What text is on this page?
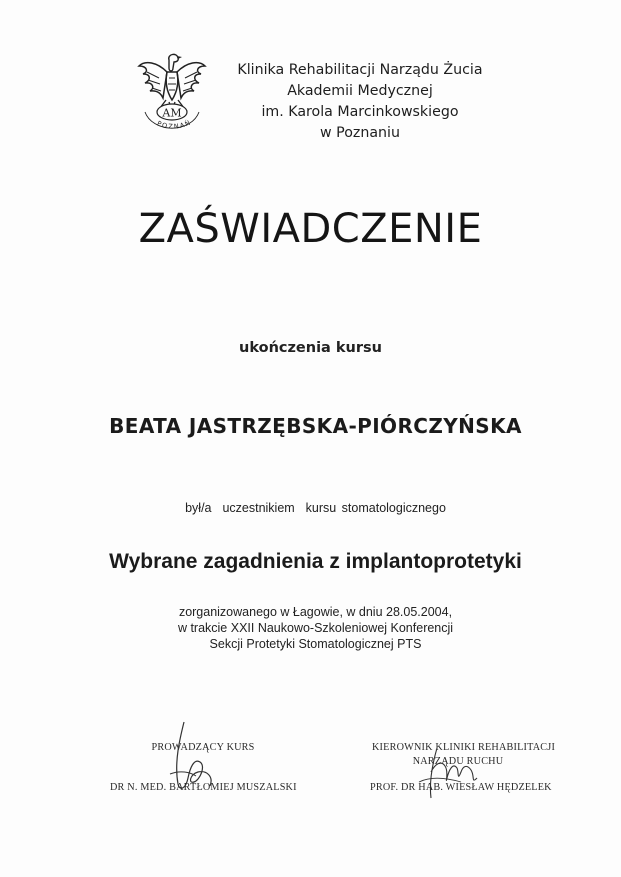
AM
POZNAŃ
Klinika Rehabilitacji Narządu Żucia
Akademii Medycznej
im. Karola Marcinkowskiego
w Poznaniu
ZAŚWIADCZENIE
ukończenia kursu
BEATA JASTRZĘBSKA-PIÓRCZYŃSKA
był/a  uczestnikiem  kursu stomatologicznego
Wybrane zagadnienia z implantoprotetyki
zorganizowanego w Łagowie, w dniu 28.05.2004,
w trakcie XXII Naukowo-Szkoleniowej Konferencji
Sekcji Protetyki Stomatologicznej PTS
PROWADZĄCY KURS
DR N. MED. BARTŁOMIEJ MUSZALSKI
KIEROWNIK KLINIKI REHABILITACJI
NARZĄDU RUCHU
PROF. DR HAB. WIESŁAW HĘDZELEK
